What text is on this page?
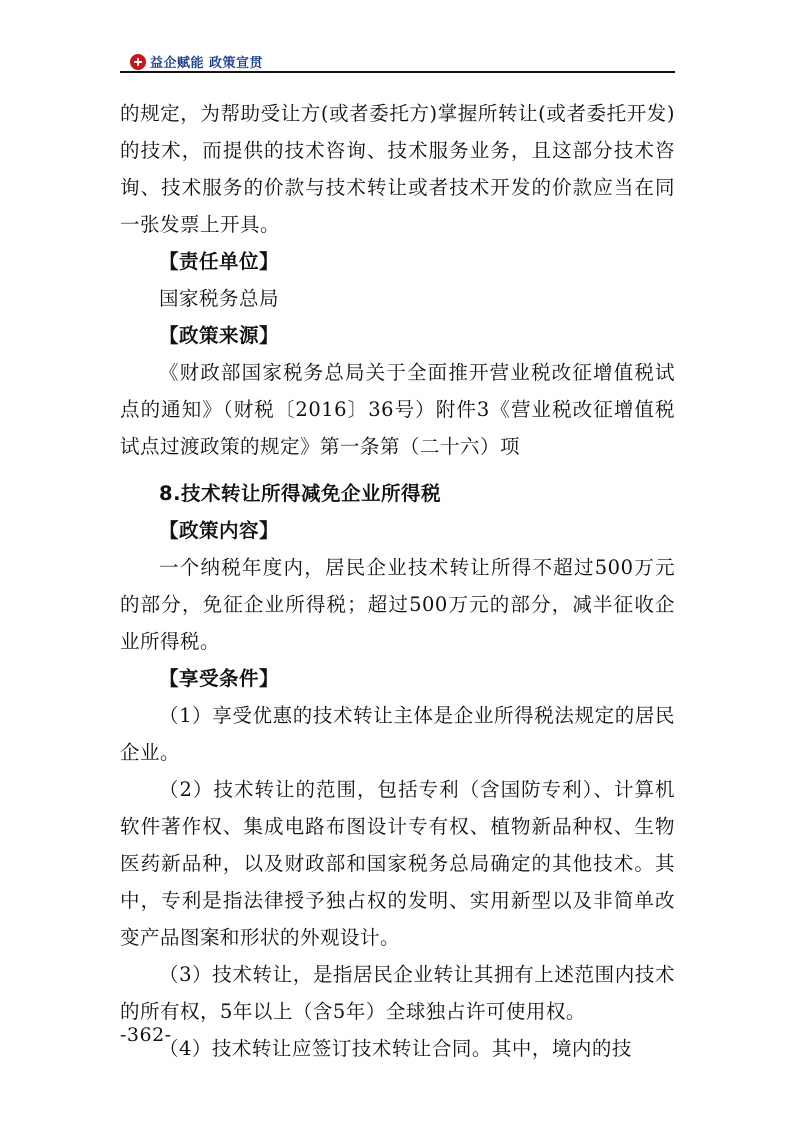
益企赋能 政策宣贯

的规定，为帮助受让方(或者委托方)掌握所转让(或者委托开发)的技术，而提供的技术咨询、技术服务业务，且这部分技术咨询、技术服务的价款与技术转让或者技术开发的价款应当在同一张发票上开具。

【责任单位】

国家税务总局

【政策来源】

《财政部国家税务总局关于全面推开营业税改征增值税试点的通知》（财税〔2016〕36号）附件3《营业税改征增值税试点过渡政策的规定》第一条第（二十六）项

8.技术转让所得减免企业所得税

【政策内容】

一个纳税年度内，居民企业技术转让所得不超过500万元的部分，免征企业所得税；超过500万元的部分，减半征收企业所得税。

【享受条件】

（1）享受优惠的技术转让主体是企业所得税法规定的居民企业。

（2）技术转让的范围，包括专利（含国防专利）、计算机软件著作权、集成电路布图设计专有权、植物新品种权、生物医药新品种，以及财政部和国家税务总局确定的其他技术。其中，专利是指法律授予独占权的发明、实用新型以及非简单改变产品图案和形状的外观设计。

（3）技术转让，是指居民企业转让其拥有上述范围内技术的所有权，5年以上（含5年）全球独占许可使用权。

（4）技术转让应签订技术转让合同。其中，境内的技

-362-
